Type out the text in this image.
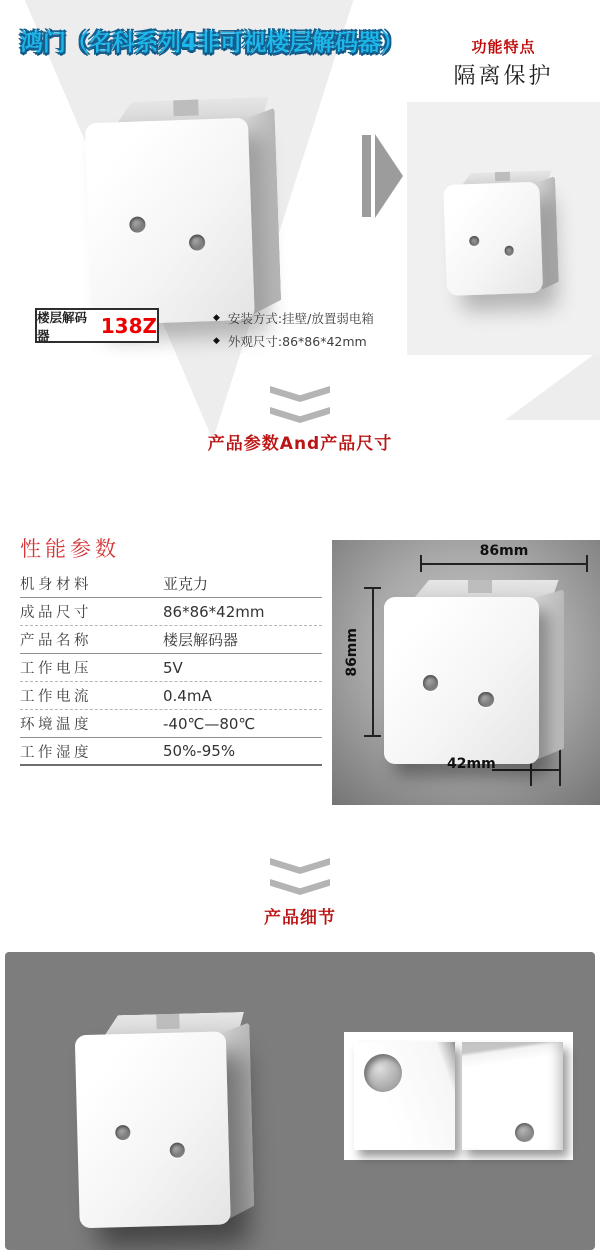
鸿门（名科系列4非可视楼层解码器）	功能特点
隔离保护
楼层解码器	138Z	◆ 安装方式:挂壁/放置弱电箱
◆ 外观尺寸:86*86*42mm
产品参数And产品尺寸
性能参数
机身材料	亚克力
成品尺寸	86*86*42mm
产品名称	楼层解码器
工作电压	5V
工作电流	0.4mA
环境温度	-40℃—80℃
工作湿度	50%-95%
86mm
86mm
42mm
产品细节
